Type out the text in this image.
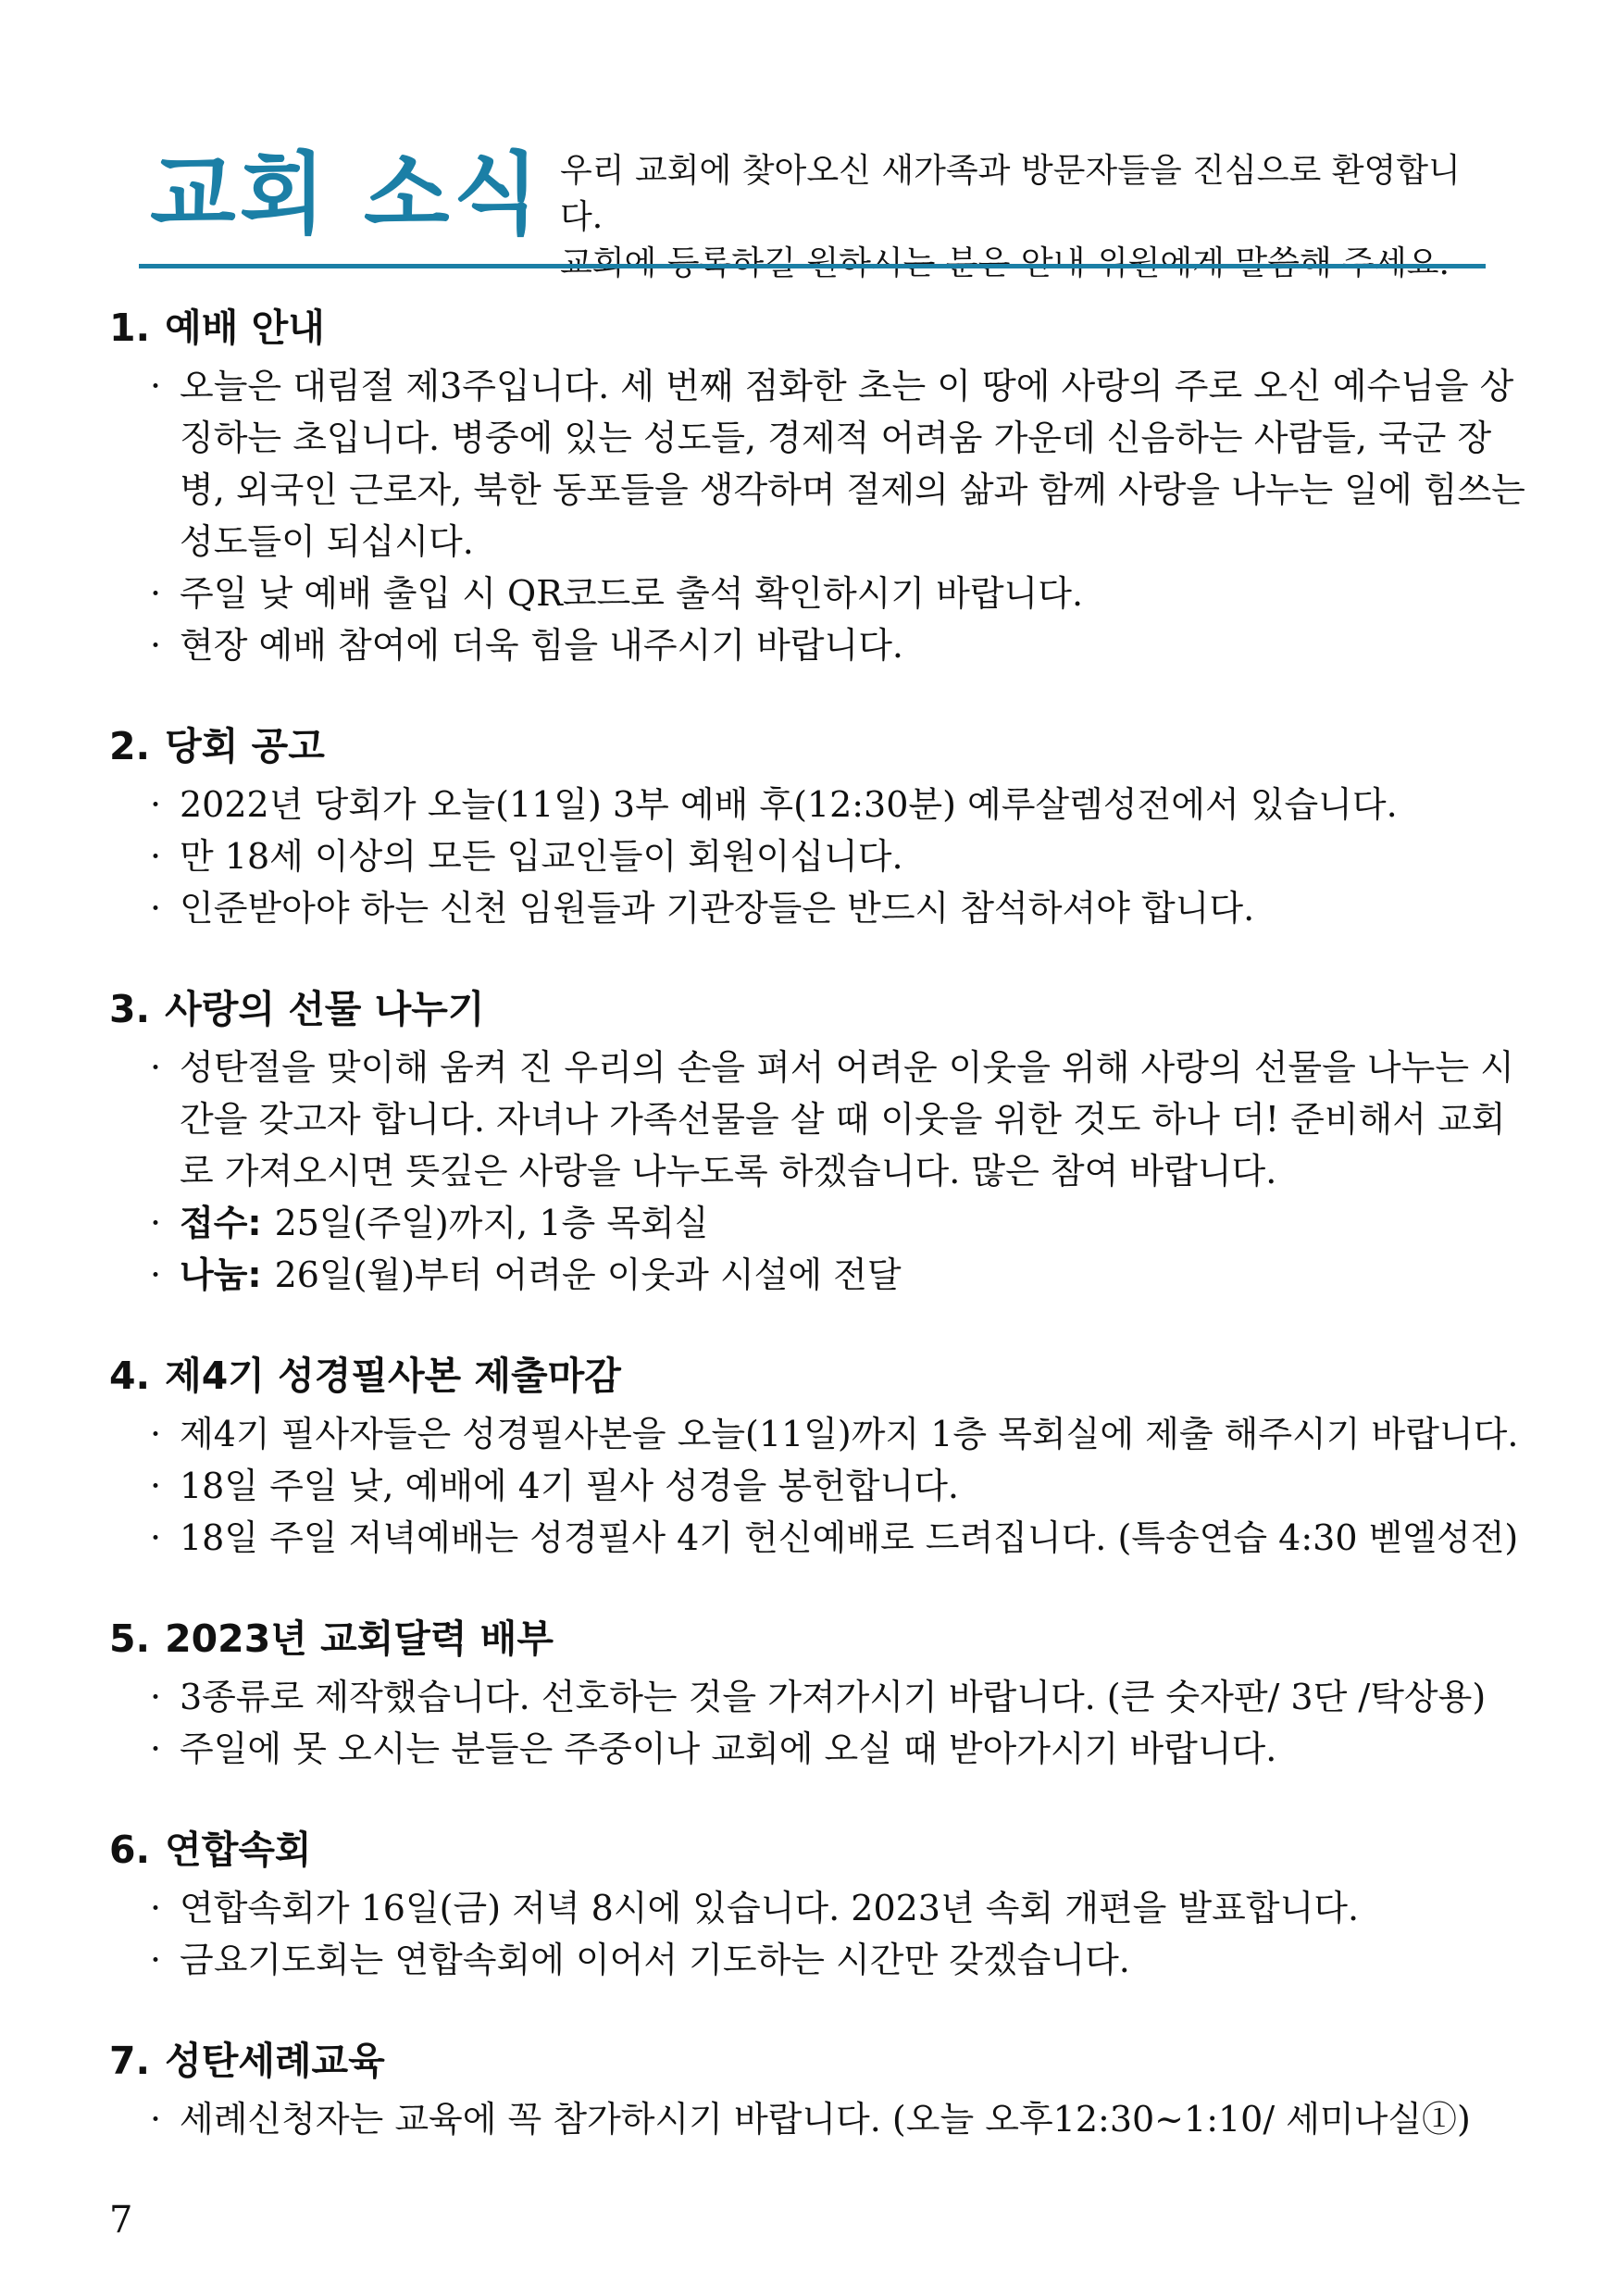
교회 소식 우리 교회에 찾아오신 새가족과 방문자들을 진심으로 환영합니다.
1. 예배 안내
· 오늘은 대림절 제3주입니다. 세 번째 점화한 초는 이 땅에 사랑의 주로 오신 예수님을 상징하는 초입니다. 병중에 있는 성도들, 경제적 어려움 가운데 신음하는 사람들, 국군 장병, 외국인 근로자, 북한 동포들을 생각하며 절제의 삶과 함께 사랑을 나누는 일에 힘쓰는 성도들이 되십시다.
· 주일 낮 예배 출입 시 QR코드로 출석 확인하시기 바랍니다.
· 현장 예배 참여에 더욱 힘을 내주시기 바랍니다.
2. 당회 공고
· 2022년 당회가 오늘(11일) 3부 예배 후(12:30분) 예루살렘성전에서 있습니다.
· 만 18세 이상의 모든 입교인들이 회원이십니다.
· 인준받아야 하는 신천 임원들과 기관장들은 반드시 참석하셔야 합니다.
3. 사랑의 선물 나누기
· 성탄절을 맞이해 움켜 진 우리의 손을 펴서 어려운 이웃을 위해 사랑의 선물을 나누는 시간을 갖고자 합니다. 자녀나 가족선물을 살 때 이웃을 위한 것도 하나 더! 준비해서 교회로 가져오시면 뜻깊은 사랑을 나누도록 하겠습니다. 많은 참여 바랍니다.
· 접수: 25일(주일)까지, 1층 목회실
· 나눔: 26일(월)부터 어려운 이웃과 시설에 전달
4. 제4기 성경필사본 제출마감
· 제4기 필사자들은 성경필사본을 오늘(11일)까지 1층 목회실에 제출 해주시기 바랍니다.
· 18일 주일 낮, 예배에 4기 필사 성경을 봉헌합니다.
· 18일 주일 저녁예배는 성경필사 4기 헌신예배로 드려집니다. (특송연습 4:30 벧엘성전)
5. 2023년 교회달력 배부
· 3종류로 제작했습니다. 선호하는 것을 가져가시기 바랍니다. (큰 숫자판/ 3단 /탁상용)
· 주일에 못 오시는 분들은 주중이나 교회에 오실 때 받아가시기 바랍니다.
6. 연합속회
· 연합속회가 16일(금) 저녁 8시에 있습니다. 2023년 속회 개편을 발표합니다.
· 금요기도회는 연합속회에 이어서 기도하는 시간만 갖겠습니다.
7. 성탄세례교육
· 세례신청자는 교육에 꼭 참가하시기 바랍니다. (오늘 오후12:30~1:10/ 세미나실①)
7
